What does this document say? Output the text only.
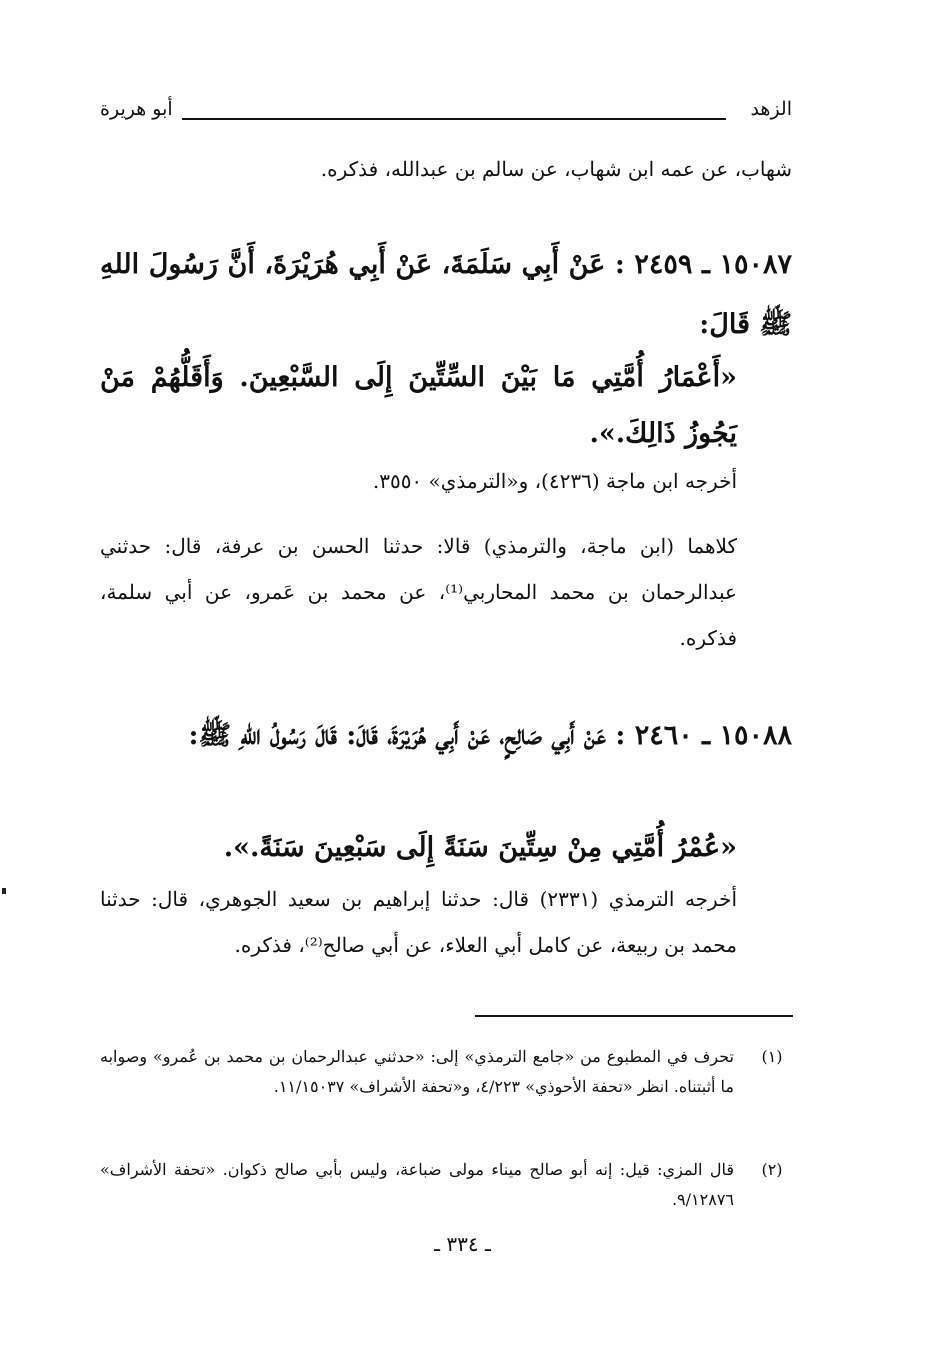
الزهد
أبو هريرة

شهاب، عن عمه ابن شهاب، عن سالم بن عبدالله، فذكره.

١٥٠٨٧ ـ ٢٤٥٩ : عَنْ أَبِي سَلَمَةَ، عَنْ أَبِي هُرَيْرَةَ، أَنَّ رَسُولَ اللهِ ﷺ قَالَ:

«أَعْمَارُ أُمَّتِي مَا بَيْنَ السِّتِّينَ إِلَى السَّبْعِينَ. وَأَقَلُّهُمْ مَنْ يَجُوزُ ذَالِكَ.».

أخرجه ابن ماجة (٤٢٣٦)، و«الترمذي» ٣٥٥٠.

كلاهما (ابن ماجة، والترمذي) قالا: حدثنا الحسن بن عرفة، قال: حدثني عبدالرحمان بن محمد المحاربي⁽¹⁾، عن محمد بن عَمرو، عن أبي سلمة، فذكره.

١٥٠٨٨ ـ ٢٤٦٠ : عَنْ أَبِي صَالِحٍ، عَنْ أَبِي هُرَيْرَةَ، قَالَ: قَالَ رَسُولُ اللهِ ﷺ:

«عُمْرُ أُمَّتِي مِنْ سِتِّينَ سَنَةً إِلَى سَبْعِينَ سَنَةً.».

أخرجه الترمذي (٢٣٣١) قال: حدثنا إبراهيم بن سعيد الجوهري، قال: حدثنا محمد بن ربيعة، عن كامل أبي العلاء، عن أبي صالح⁽²⁾، فذكره.

(١)
تحرف في المطبوع من «جامع الترمذي» إلى: «حدثني عبدالرحمان بن محمد بن عُمرو» وصوابه ما أثبتناه. انظر «تحفة الأحوذي» ٤/٢٢٣، و«تحفة الأشراف» ١١/١٥٠٣٧.
(٢)
قال المزي: قيل: إنه أبو صالح ميناء مولى ضباعة، وليس بأبي صالح ذكوان. «تحفة الأشراف» ٩/١٢٨٧٦.
ـ ٣٣٤ ـ
